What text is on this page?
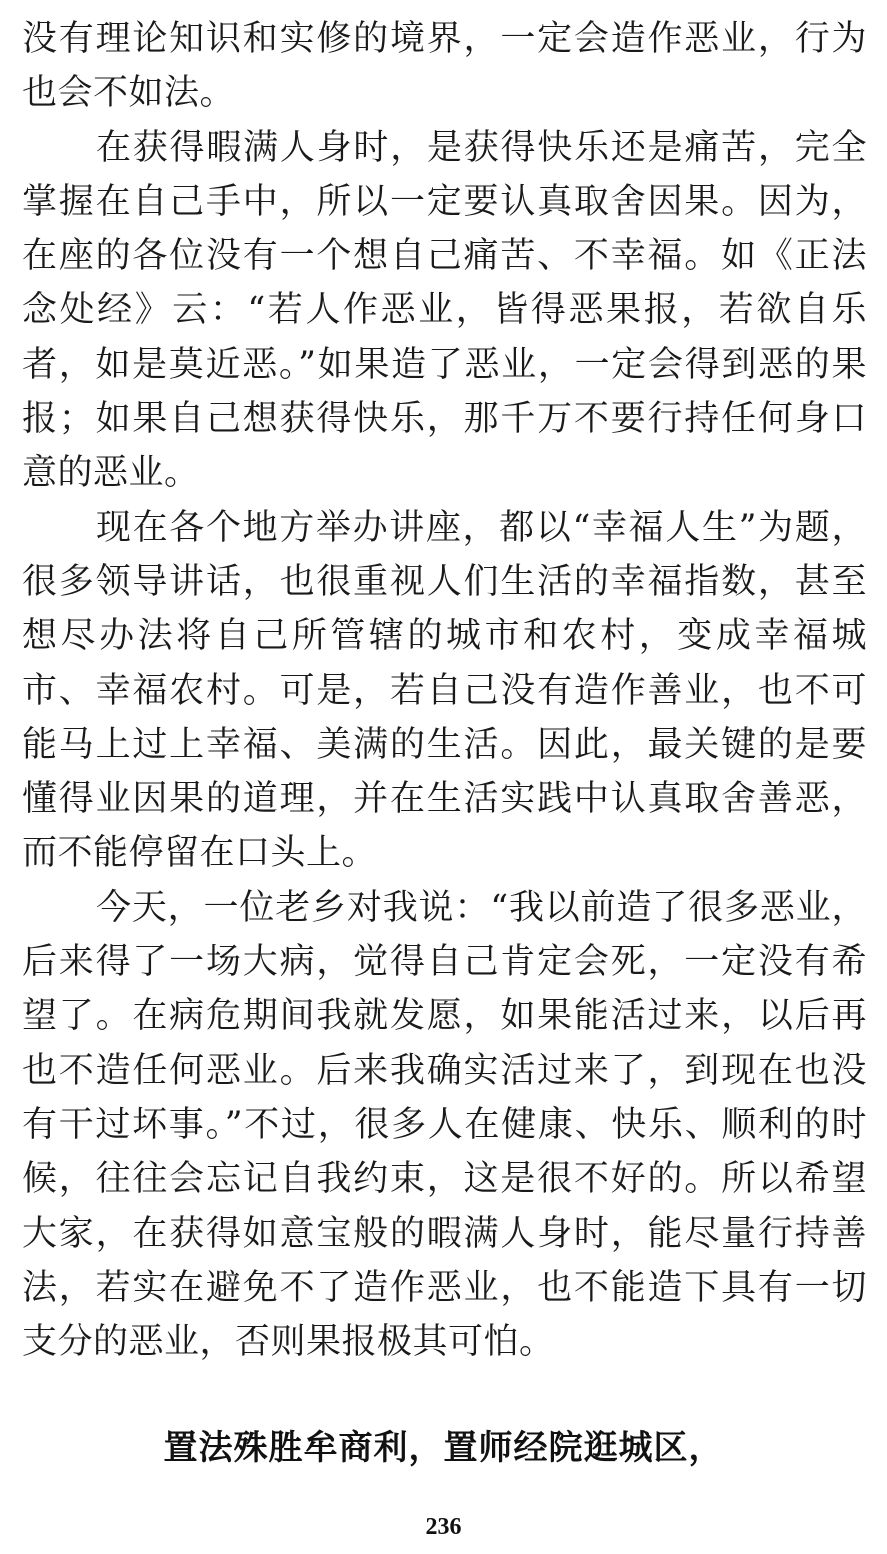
没有理论知识和实修的境界，一定会造作恶业，行为也会不如法。

在获得暇满人身时，是获得快乐还是痛苦，完全掌握在自己手中，所以一定要认真取舍因果。因为，在座的各位没有一个想自己痛苦、不幸福。如《正法念处经》云：“若人作恶业，皆得恶果报，若欲自乐者，如是莫近恶。”如果造了恶业，一定会得到恶的果报；如果自己想获得快乐，那千万不要行持任何身口意的恶业。

现在各个地方举办讲座，都以“幸福人生”为题，很多领导讲话，也很重视人们生活的幸福指数，甚至想尽办法将自己所管辖的城市和农村，变成幸福城市、幸福农村。可是，若自己没有造作善业，也不可能马上过上幸福、美满的生活。因此，最关键的是要懂得业因果的道理，并在生活实践中认真取舍善恶，而不能停留在口头上。

今天，一位老乡对我说：“我以前造了很多恶业，后来得了一场大病，觉得自己肯定会死，一定没有希望了。在病危期间我就发愿，如果能活过来，以后再也不造任何恶业。后来我确实活过来了，到现在也没有干过坏事。”不过，很多人在健康、快乐、顺利的时候，往往会忘记自我约束，这是很不好的。所以希望大家，在获得如意宝般的暇满人身时，能尽量行持善法，若实在避免不了造作恶业，也不能造下具有一切支分的恶业，否则果报极其可怕。

置法殊胜牟商利，置师经院逛城区，
236
